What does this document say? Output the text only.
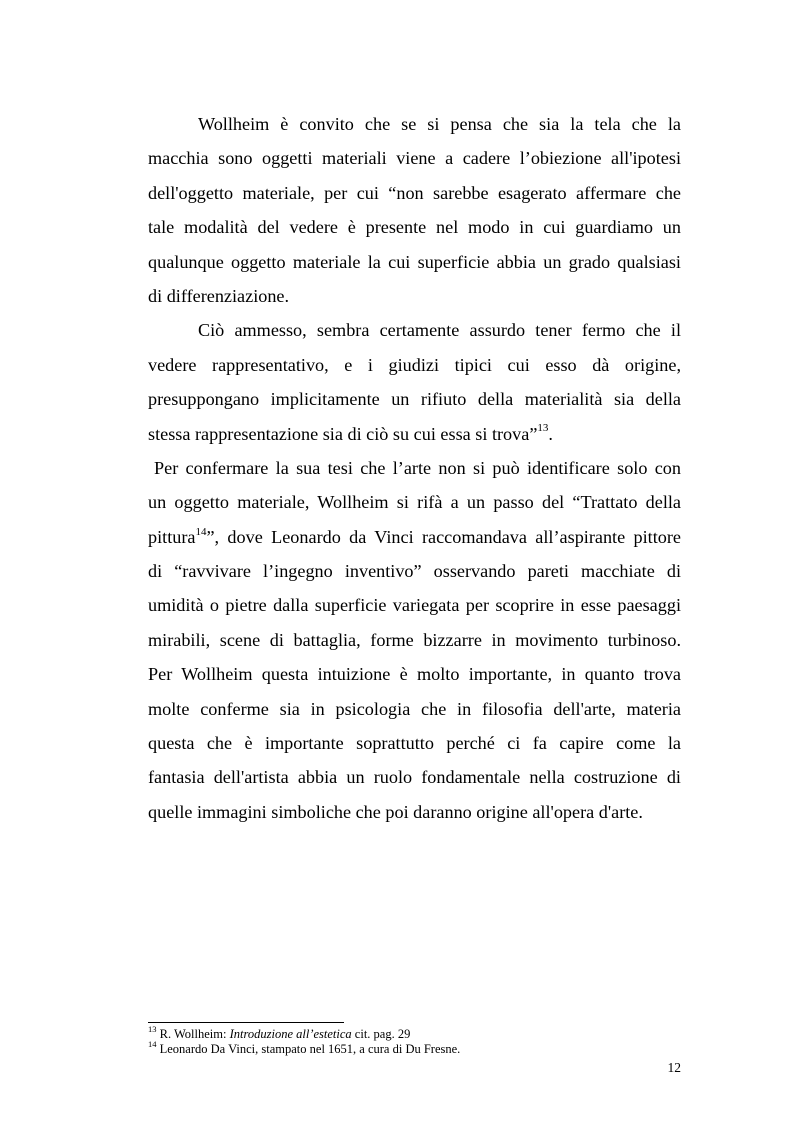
Wollheim è convito che se si pensa che sia la tela che la
macchia sono oggetti materiali viene a cadere l’obiezione all'ipotesi
dell'oggetto materiale, per cui “non sarebbe esagerato affermare che
tale modalità del vedere è presente nel modo in cui guardiamo un
qualunque oggetto materiale la cui superficie abbia un grado qualsiasi
di differenziazione.
Ciò ammesso, sembra certamente assurdo tener fermo che il
vedere rappresentativo, e i giudizi tipici cui esso dà origine,
presuppongano implicitamente un rifiuto della materialità sia della
stessa rappresentazione sia di ciò su cui essa si trova”$^{13}$.
Per confermare la sua tesi che l’arte non si può identificare solo con
un oggetto materiale, Wollheim si rifà a un passo del “Trattato della
pittura$^{14}$”, dove Leonardo da Vinci raccomandava all’aspirante pittore
di “ravvivare l’ingegno inventivo” osservando pareti macchiate di
umidità o pietre dalla superficie variegata per scoprire in esse paesaggi
mirabili, scene di battaglia, forme bizzarre in movimento turbinoso.
Per Wollheim questa intuizione è molto importante, in quanto trova
molte conferme sia in psicologia che in filosofia dell'arte, materia
questa che è importante soprattutto perché ci fa capire come la
fantasia dell'artista abbia un ruolo fondamentale nella costruzione di
quelle immagini simboliche che poi daranno origine all'opera d'arte.
$^{13}$ R. Wollheim: Introduzione all’estetica cit. pag. 29
$^{14}$ Leonardo Da Vinci, stampato nel 1651, a cura di Du Fresne.
12
